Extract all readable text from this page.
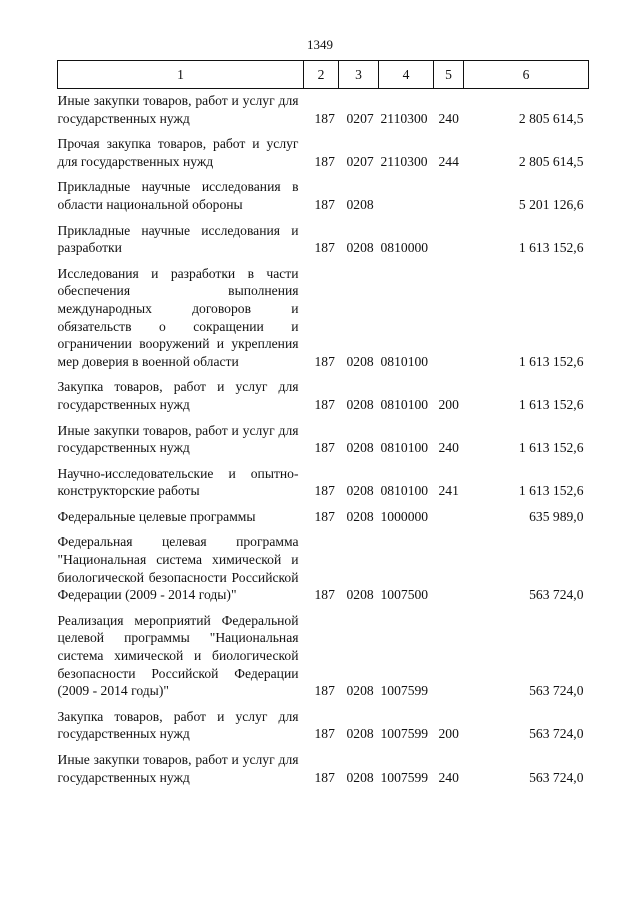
1349
1	2	3	4	5	6
Иные закупки товаров, работ и услуг для государственных нужд	187	0207	2110300	240	2 805 614,5
Прочая закупка товаров, работ и услуг для государственных нужд	187	0207	2110300	244	2 805 614,5
Прикладные научные исследования в области национальной обороны	187	0208			5 201 126,6
Прикладные научные исследования и разработки	187	0208	0810000		1 613 152,6
Исследования и разработки в части обеспечения выполнения международных договоров и обязательств о сокращении и ограничении вооружений и укрепления мер доверия в военной области	187	0208	0810100		1 613 152,6
Закупка товаров, работ и услуг для государственных нужд	187	0208	0810100	200	1 613 152,6
Иные закупки товаров, работ и услуг для государственных нужд	187	0208	0810100	240	1 613 152,6
Научно-исследовательские и опытно-конструкторские работы	187	0208	0810100	241	1 613 152,6
Федеральные целевые программы	187	0208	1000000		635 989,0
Федеральная целевая программа "Национальная система химической и биологической безопасности Российской Федерации (2009 - 2014 годы)"	187	0208	1007500		563 724,0
Реализация мероприятий Федеральной целевой программы "Национальная система химической и биологической безопасности Российской Федерации (2009 - 2014 годы)"	187	0208	1007599		563 724,0
Закупка товаров, работ и услуг для государственных нужд	187	0208	1007599	200	563 724,0
Иные закупки товаров, работ и услуг для государственных нужд	187	0208	1007599	240	563 724,0
